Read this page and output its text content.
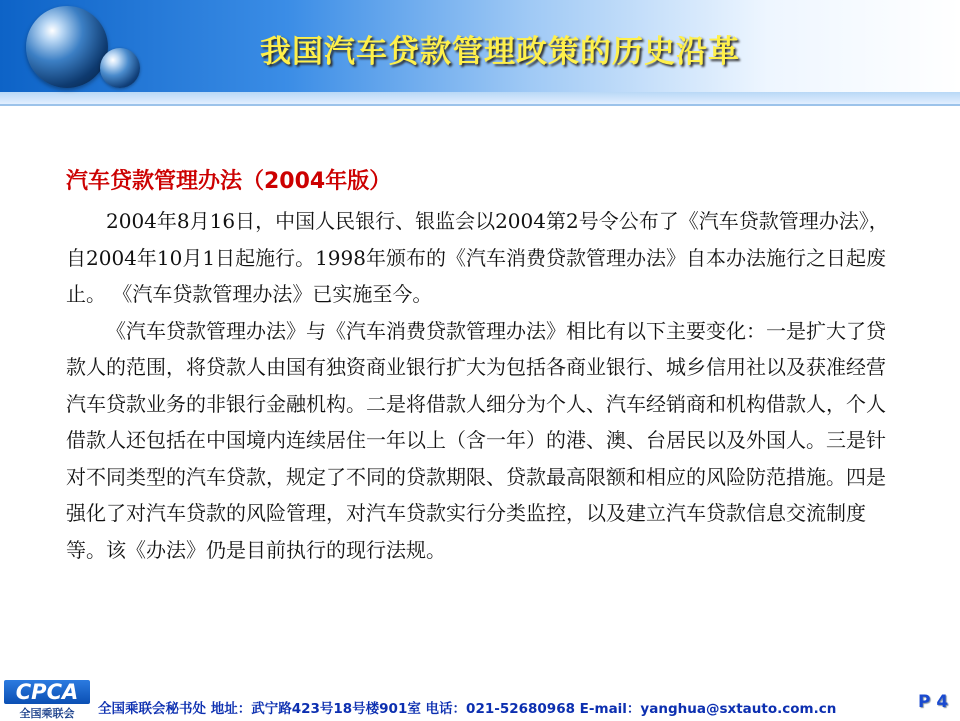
我国汽车贷款管理政策的历史沿革
汽车贷款管理办法（2004年版）

2004年8月16日，中国人民银行、银监会以2004第2号令公布了《汽车贷款管理办法》，自2004年10月1日起施行。1998年颁布的《汽车消费贷款管理办法》自本办法施行之日起废止。 《汽车贷款管理办法》已实施至今。

《汽车贷款管理办法》与《汽车消费贷款管理办法》相比有以下主要变化：一是扩大了贷款人的范围，将贷款人由国有独资商业银行扩大为包括各商业银行、城乡信用社以及获准经营汽车贷款业务的非银行金融机构。二是将借款人细分为个人、汽车经销商和机构借款人，个人借款人还包括在中国境内连续居住一年以上（含一年）的港、澳、台居民以及外国人。三是针对不同类型的汽车贷款，规定了不同的贷款期限、贷款最高限额和相应的风险防范措施。四是强化了对汽车贷款的风险管理，对汽车贷款实行分类监控，以及建立汽车贷款信息交流制度等。该《办法》仍是目前执行的现行法规。

CPCA
全国乘联会	全国乘联会秘书处 地址：武宁路423号18号楼901室 电话：021-52680968 E-mail：yanghua@sxtauto.com.cn	P 4
